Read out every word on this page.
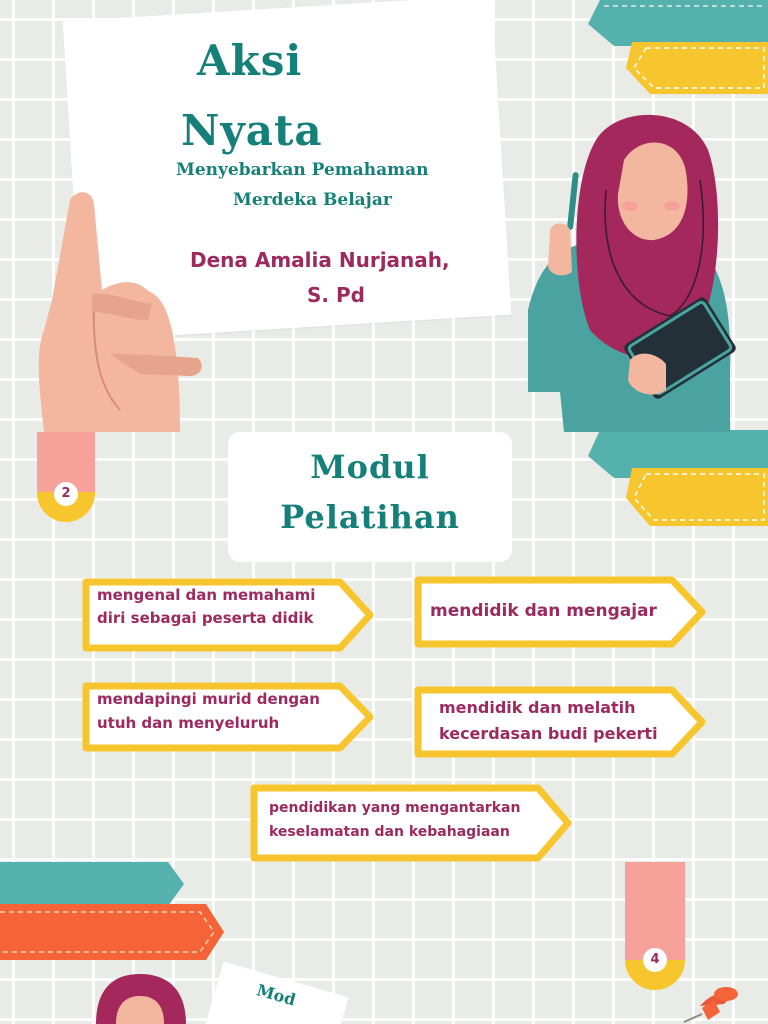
Aksi
Nyata
Menyebarkan Pemahaman
Merdeka Belajar
Dena Amalia Nurjanah,
S. Pd
2
Modul
Pelatihan
mengenal dan memahami
diri sebagai peserta didik	mendidik dan mengajar
mendapingi murid dengan
utuh dan menyeluruh
mendidik dan melatih
kecerdasan budi pekerti
pendidikan yang mengantarkan
keselamatan dan kebahagiaan
4
Mod
